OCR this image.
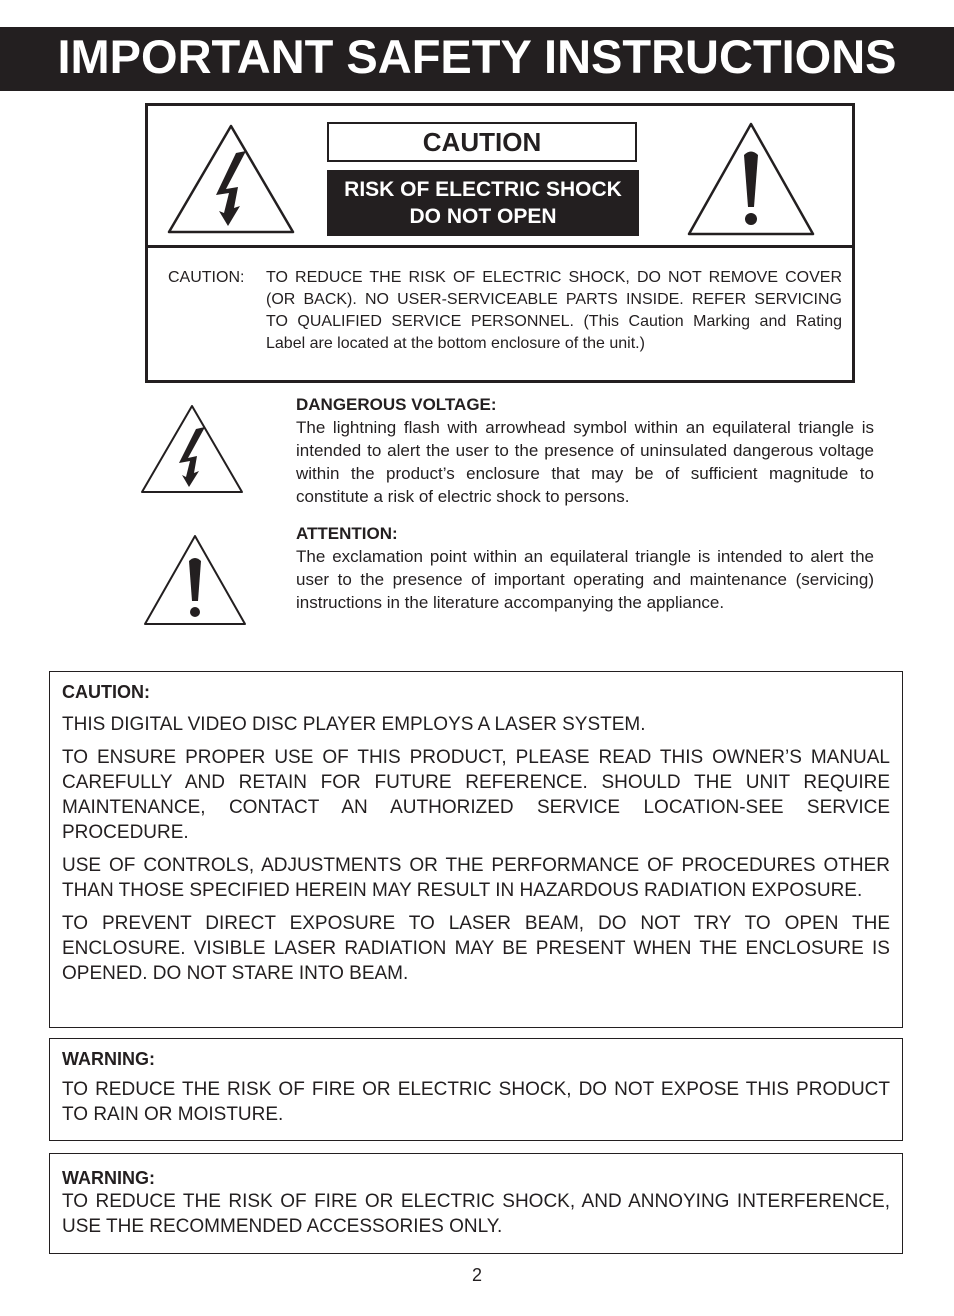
IMPORTANT SAFETY INSTRUCTIONS
CAUTION
RISK OF ELECTRIC SHOCK
DO NOT OPEN
CAUTION: TO REDUCE THE RISK OF ELECTRIC SHOCK, DO NOT REMOVE COVER (OR BACK). NO USER-SERVICEABLE PARTS INSIDE. REFER SERVICING TO QUALIFIED SERVICE PERSONNEL. (This Caution Marking and Rating Label are located at the bottom enclosure of the unit.)
DANGEROUS VOLTAGE:
The lightning flash with arrowhead symbol within an equilateral triangle is intended to alert the user to the presence of uninsulated dangerous voltage within the product’s enclosure that may be of sufficient magnitude to constitute a risk of electric shock to persons.
ATTENTION:
The exclamation point within an equilateral triangle is intended to alert the user to the presence of important operating and maintenance (servicing) instructions in the literature accompanying the appliance.
CAUTION:

THIS DIGITAL VIDEO DISC PLAYER EMPLOYS A LASER SYSTEM.

TO ENSURE PROPER USE OF THIS PRODUCT, PLEASE READ THIS OWNER’S MANUAL CAREFULLY AND RETAIN FOR FUTURE REFERENCE. SHOULD THE UNIT REQUIRE MAINTENANCE, CONTACT AN AUTHORIZED SERVICE LOCATION-SEE SERVICE PROCEDURE.

USE OF CONTROLS, ADJUSTMENTS OR THE PERFORMANCE OF PROCEDURES OTHER THAN THOSE SPECIFIED HEREIN MAY RESULT IN HAZARDOUS RADIATION EXPOSURE.

TO PREVENT DIRECT EXPOSURE TO LASER BEAM, DO NOT TRY TO OPEN THE ENCLOSURE. VISIBLE LASER RADIATION MAY BE PRESENT WHEN THE ENCLOSURE IS OPENED. DO NOT STARE INTO BEAM.

WARNING:

TO REDUCE THE RISK OF FIRE OR ELECTRIC SHOCK, DO NOT EXPOSE THIS PRODUCT TO RAIN OR MOISTURE.

WARNING:

TO REDUCE THE RISK OF FIRE OR ELECTRIC SHOCK, AND ANNOYING INTERFERENCE, USE THE RECOMMENDED ACCESSORIES ONLY.

2
